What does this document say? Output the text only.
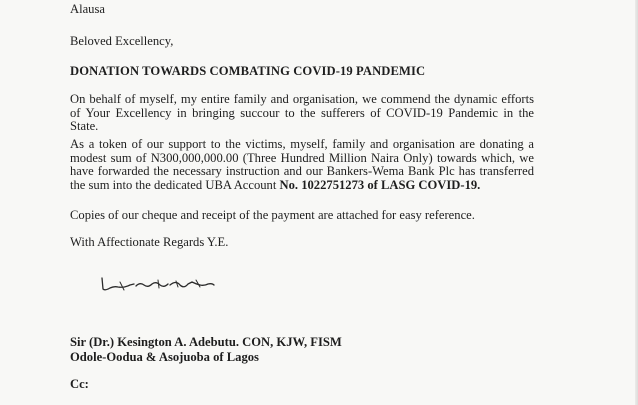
Alausa
Beloved Excellency,
DONATION TOWARDS COMBATING COVID-19 PANDEMIC
On behalf of myself, my entire family and organisation, we commend the dynamic efforts of Your Excellency in bringing succour to the sufferers of COVID-19 Pandemic in the State.
As a token of our support to the victims, myself, family and organisation are donating a modest sum of N300,000,000.00 (Three Hundred Million Naira Only) towards which, we have forwarded the necessary instruction and our Bankers-Wema Bank Plc has transferred the sum into the dedicated UBA Account No. 1022751273 of LASG COVID-19.
Copies of our cheque and receipt of the payment are attached for easy reference.
With Affectionate Regards Y.E.
Sir (Dr.) Kesington A. Adebutu. CON, KJW, FISM
Odole-Oodua & Asojuoba of Lagos
Cc:
